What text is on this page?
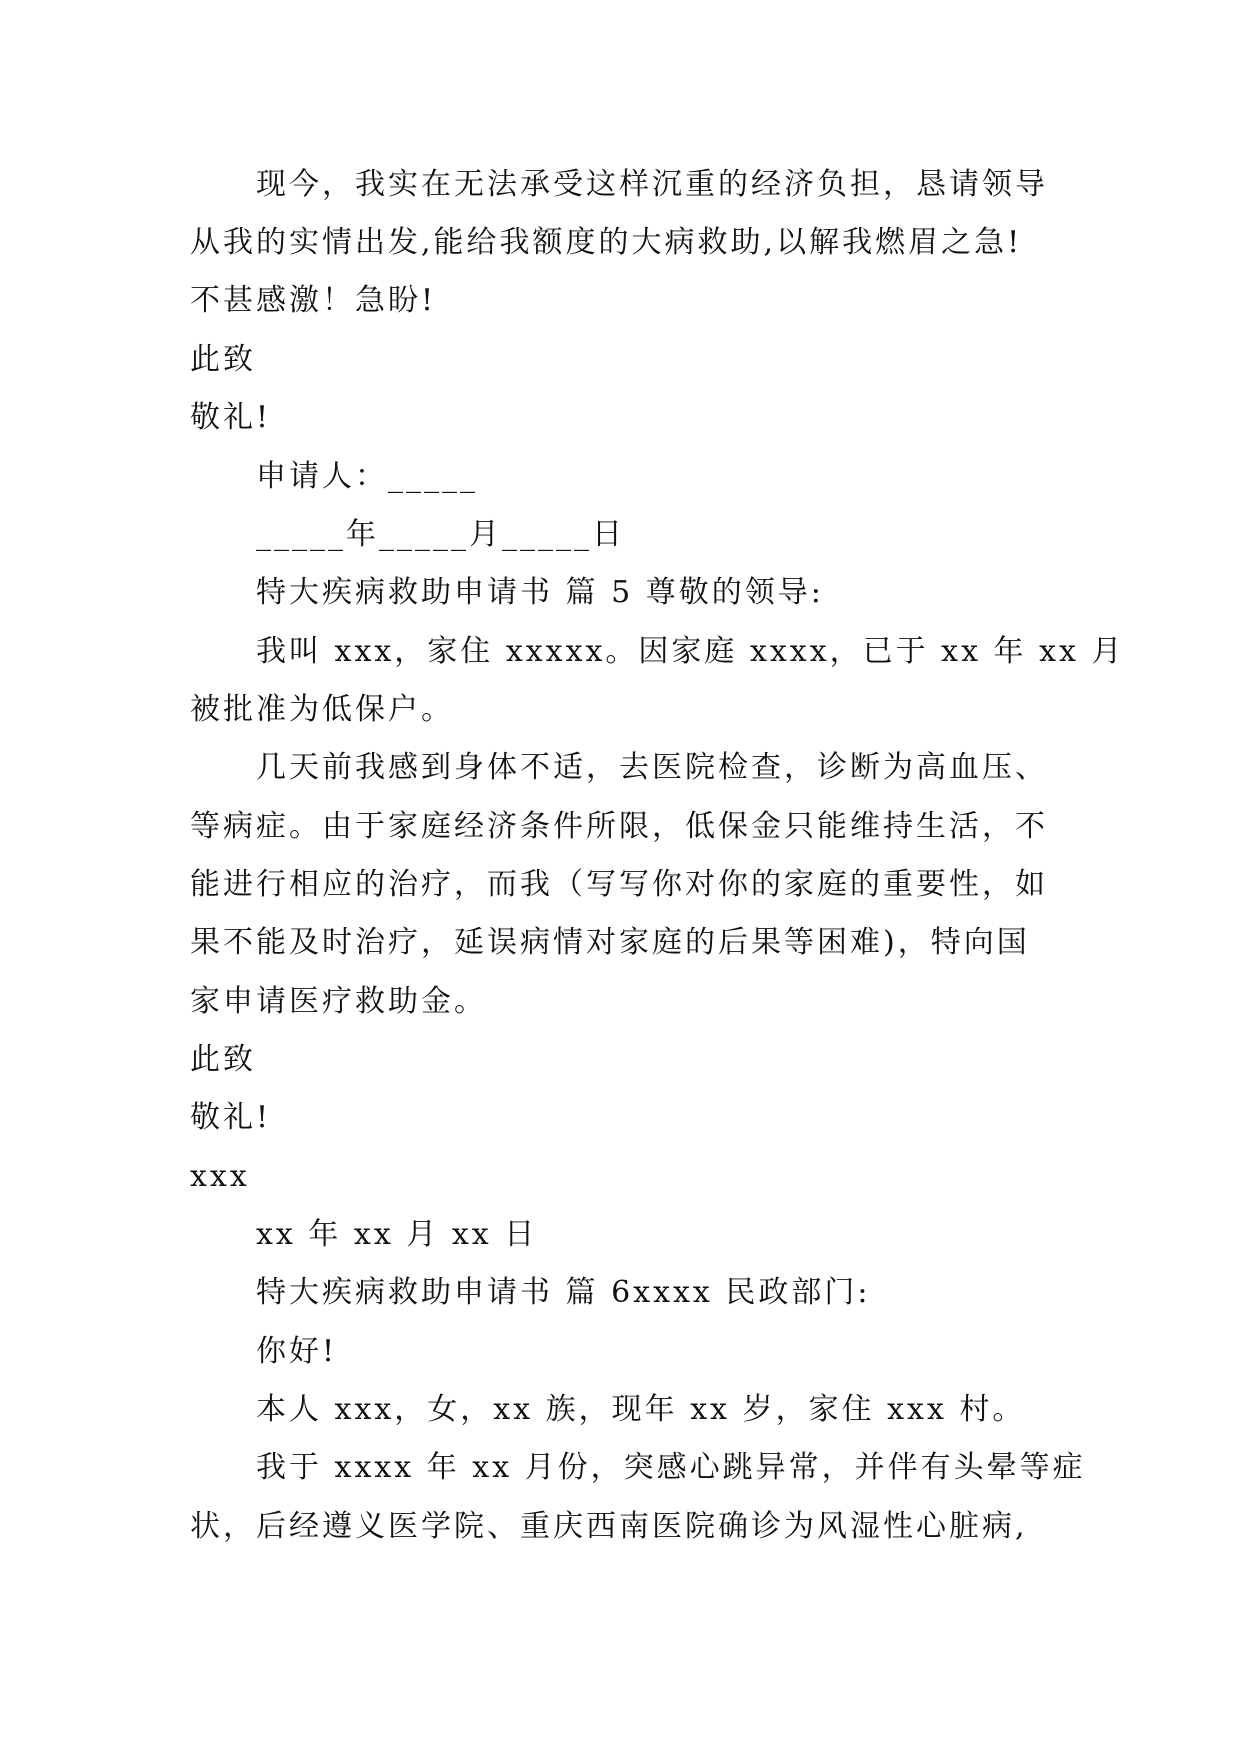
现今，我实在无法承受这样沉重的经济负担，恳请领导
从我的实情出发,能给我额度的大病救助,以解我燃眉之急!
不甚感激！急盼!
此致
敬礼!
申请人：_____
_____年_____月_____日
特大疾病救助申请书 篇 5 尊敬的领导:
我叫 xxx，家住 xxxxx。因家庭 xxxx，已于 xx 年 xx 月
被批准为低保户。
几天前我感到身体不适，去医院检查，诊断为高血压、
等病症。由于家庭经济条件所限，低保金只能维持生活，不
能进行相应的治疗，而我（写写你对你的家庭的重要性，如
果不能及时治疗，延误病情对家庭的后果等困难)，特向国
家申请医疗救助金。
此致
敬礼!
xxx
xx 年 xx 月 xx 日
特大疾病救助申请书 篇 6xxxx 民政部门:
你好!
本人 xxx，女，xx 族，现年 xx 岁，家住 xxx 村。
我于 xxxx 年 xx 月份，突感心跳异常，并伴有头晕等症
状，后经遵义医学院、重庆西南医院确诊为风湿性心脏病,
